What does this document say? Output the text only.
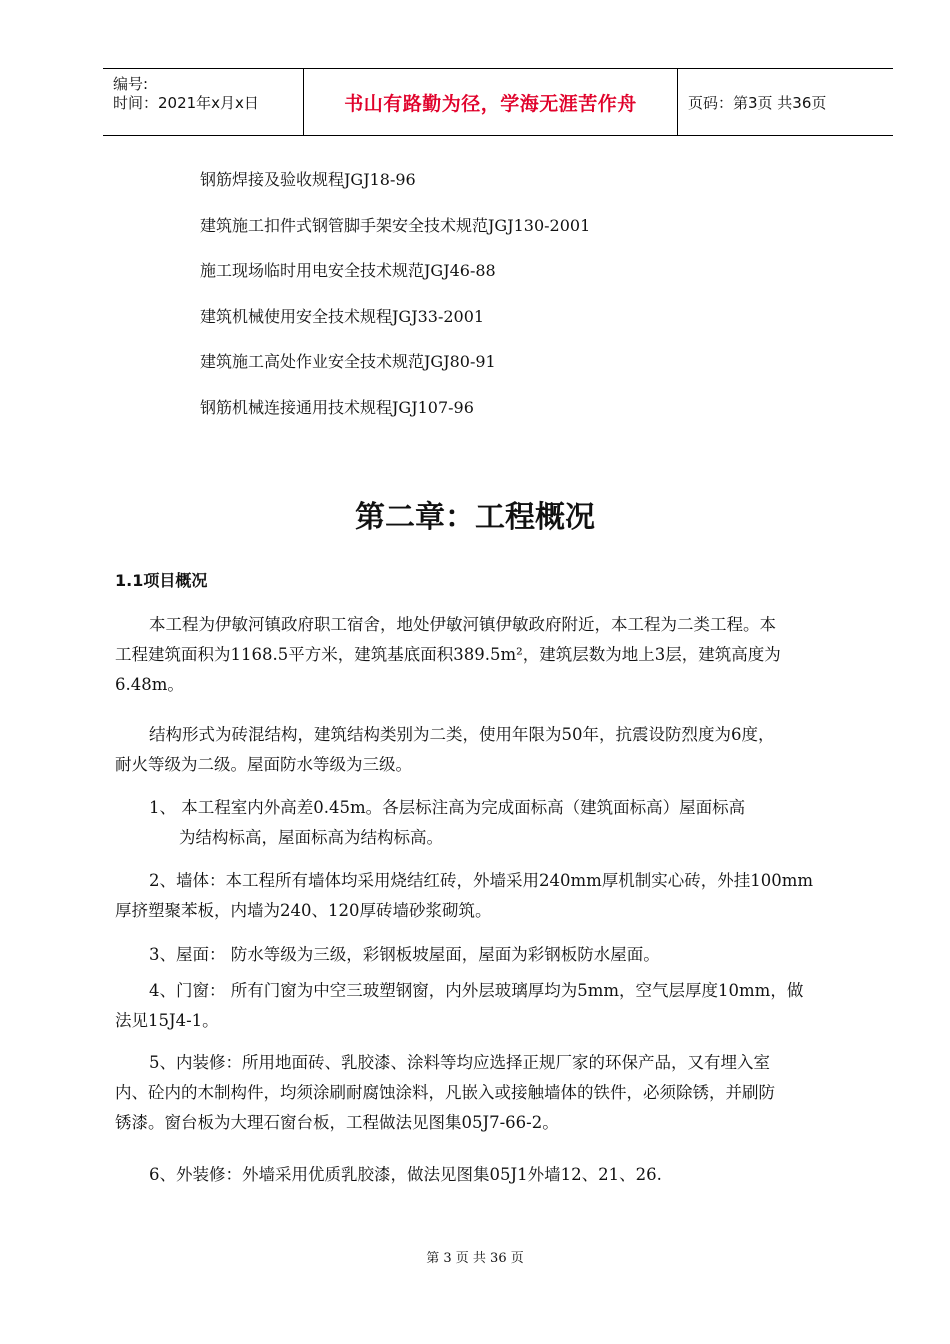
编号:
时间：2021年x月x日	书山有路勤为径，学海无涯苦作舟	页码：第3页 共36页
钢筋焊接及验收规程JGJ18-96
建筑施工扣件式钢管脚手架安全技术规范JGJ130-2001
施工现场临时用电安全技术规范JGJ46-88
建筑机械使用安全技术规程JGJ33-2001
建筑施工高处作业安全技术规范JGJ80-91
钢筋机械连接通用技术规程JGJ107-96
第二章：工程概况
1.1项目概况

本工程为伊敏河镇政府职工宿舍，地处伊敏河镇伊敏政府附近，本工程为二类工程。本

工程建筑面积为1168.5平方米，建筑基底面积389.5m²，建筑层数为地上3层，建筑高度为

6.48m。

结构形式为砖混结构，建筑结构类别为二类，使用年限为50年，抗震设防烈度为6度，

耐火等级为二级。屋面防水等级为三级。

1、 本工程室内外高差0.45m。各层标注高为完成面标高（建筑面标高）屋面标高

为结构标高，屋面标高为结构标高。

2、墙体：本工程所有墙体均采用烧结红砖，外墙采用240mm厚机制实心砖，外挂100mm

厚挤塑聚苯板，内墙为240、120厚砖墙砂浆砌筑。

3、屋面： 防水等级为三级，彩钢板坡屋面，屋面为彩钢板防水屋面。

4、门窗： 所有门窗为中空三玻塑钢窗，内外层玻璃厚均为5mm，空气层厚度10mm，做

法见15J4-1。

5、内装修：所用地面砖、乳胶漆、涂料等均应选择正规厂家的环保产品，又有埋入室

内、砼内的木制构件，均须涂刷耐腐蚀涂料，凡嵌入或接触墙体的铁件，必须除锈，并刷防

锈漆。窗台板为大理石窗台板，工程做法见图集05J7-66-2。

6、外装修：外墙采用优质乳胶漆，做法见图集05J1外墙12、21、26.

第 3 页 共 36 页
